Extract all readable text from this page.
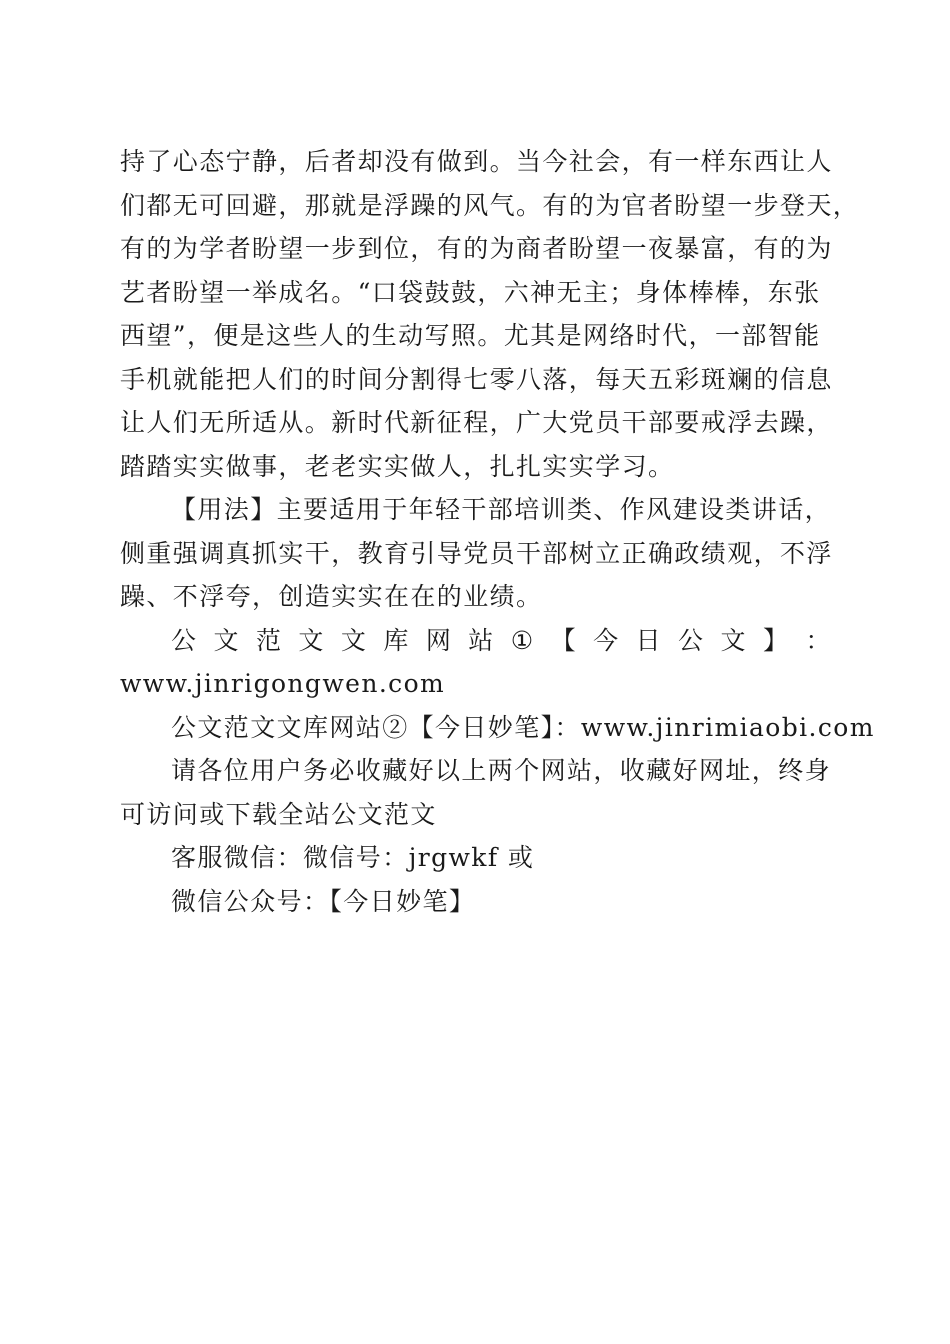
持了心态宁静，后者却没有做到。当今社会，有一样东西让人
们都无可回避，那就是浮躁的风气。有的为官者盼望一步登天，
有的为学者盼望一步到位，有的为商者盼望一夜暴富，有的为
艺者盼望一举成名。“口袋鼓鼓，六神无主；身体棒棒，东张
西望”，便是这些人的生动写照。尤其是网络时代，一部智能
手机就能把人们的时间分割得七零八落，每天五彩斑斓的信息
让人们无所适从。新时代新征程，广大党员干部要戒浮去躁，
踏踏实实做事，老老实实做人，扎扎实实学习。

【用法】主要适用于年轻干部培训类、作风建设类讲话，
侧重强调真抓实干，教育引导党员干部树立正确政绩观，不浮
躁、不浮夸，创造实实在在的业绩。

公 文 范 文 文 库 网 站 ① 【 今 日 公 文 】 ：
www.jinrigongwen.com

公文范文文库网站②【今日妙笔】：www.jinrimiaobi.com

请各位用户务必收藏好以上两个网站，收藏好网址，终身
可访问或下载全站公文范文

客服微信：微信号：jrgwkf 或

微信公众号：【今日妙笔】
